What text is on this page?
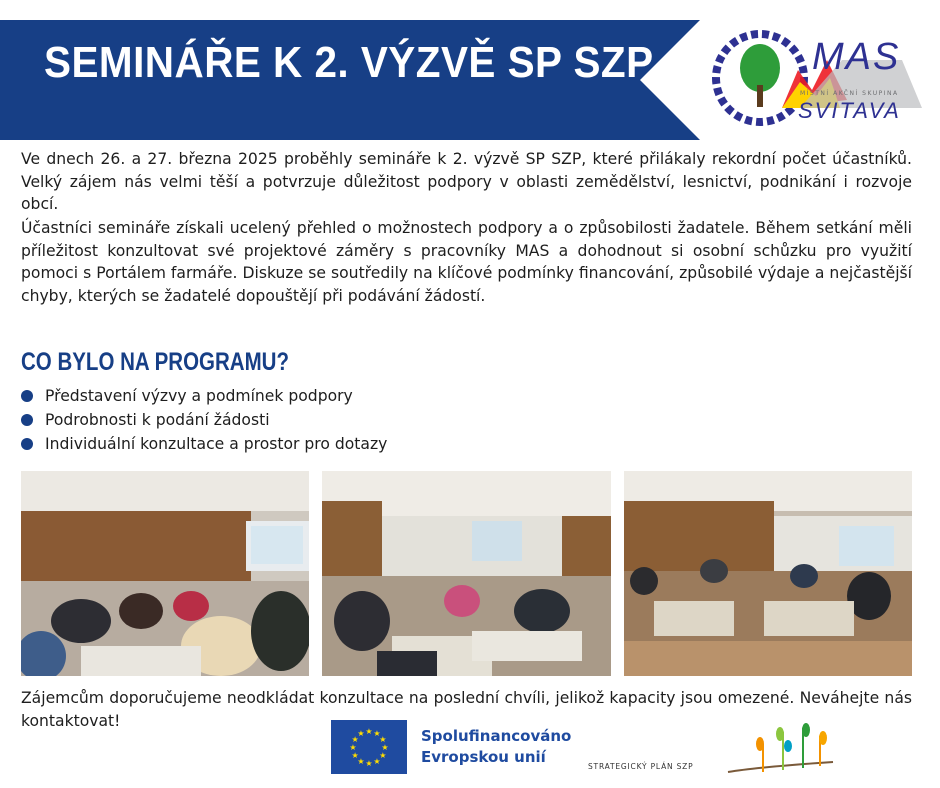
SEMINÁŘE K 2. VÝZVĚ SP SZP	MAS
MÍSTNÍ AKČNÍ SKUPINA
SVITAVA

Ve dnech 26. a 27. března 2025 proběhly semináře k 2. výzvě SP SZP, které přilákaly rekordní počet účastníků. Velký zájem nás velmi těší a potvrzuje důležitost podpory v oblasti zemědělství, lesnictví, podnikání i rozvoje obcí.

Účastníci semináře získali ucelený přehled o možnostech podpory a o způsobilosti žadatele. Během setkání měli příležitost konzultovat své projektové záměry s pracovníky MAS a dohodnout si osobní schůzku pro využití pomoci s Portálem farmáře. Diskuze se soutředily na klíčové podmínky financování, způsobilé výdaje a nejčastější chyby, kterých se žadatelé dopouštějí při podávání žádostí.

CO BYLO NA PROGRAMU?
Představení výzvy a podmínek podpory
Podrobnosti k podání žádosti
Individuální konzultace a prostor pro dotazy

Zájemcům doporučujeme neodkládat konzultace na poslední chvíli, jelikož kapacity jsou omezené. Neváhejte nás kontaktovat!

★
★
★
★
★
★
★
★
★ ★ ★
★ Spolufinancováno
Evropskou unií
STRATEGICKÝ PLÁN SZP
